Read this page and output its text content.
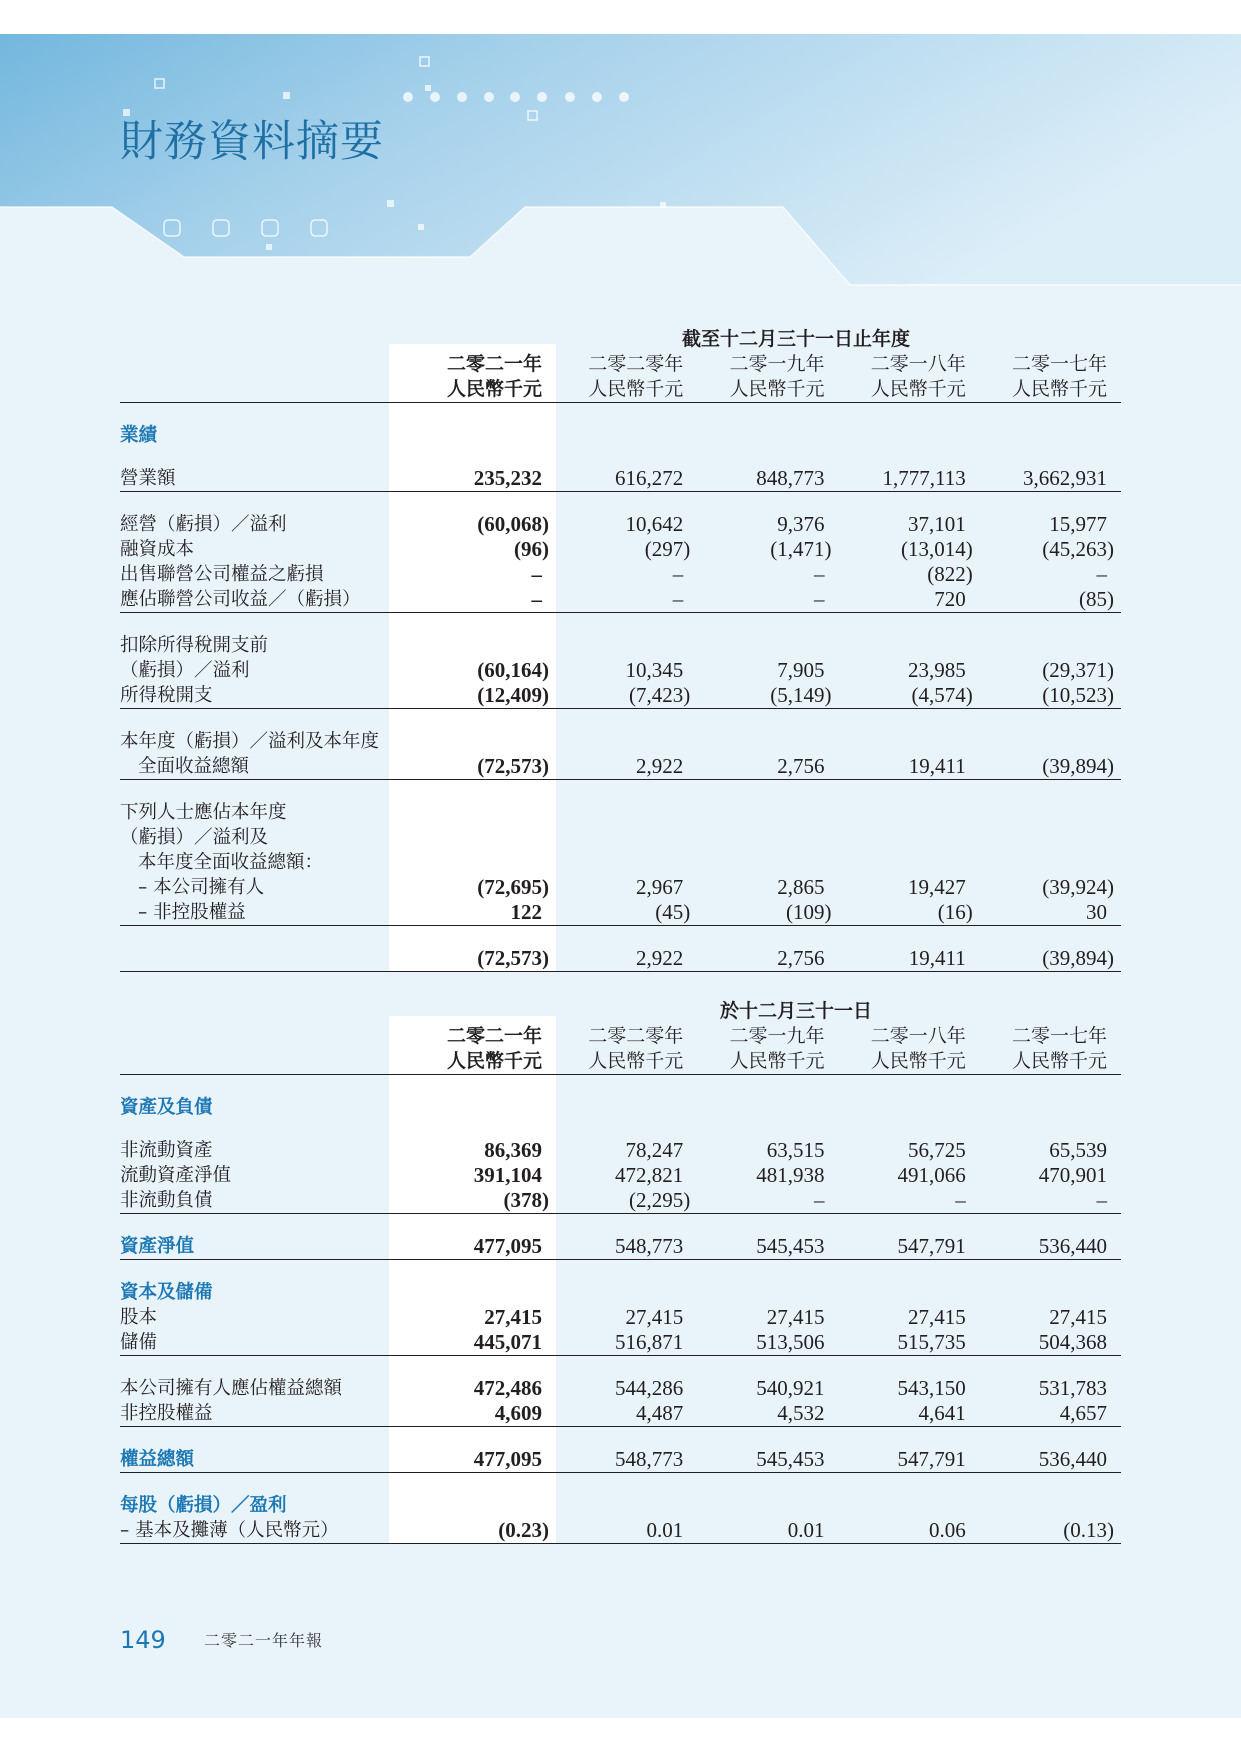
財務資料摘要
截至十二月三十一日止年度
二零二一年	二零二零年	二零一九年	二零一八年	二零一七年
人民幣千元	人民幣千元	人民幣千元	人民幣千元	人民幣千元
業績
營業額	235,232	616,272	848,773	1,777,113	3,662,931
經營（虧損）／溢利	(60,068)	10,642	9,376	37,101	15,977
融資成本	(96)	(297)	(1,471)	(13,014)	(45,263)
出售聯營公司權益之虧損	–	–	–	(822)	–
應佔聯營公司收益／（虧損）	–	–	–	720	(85)
扣除所得稅開支前
（虧損）／溢利	(60,164)	10,345	7,905	23,985	(29,371)
所得稅開支	(12,409)	(7,423)	(5,149)	(4,574)	(10,523)
本年度（虧損）／溢利及本年度
全面收益總額	(72,573)	2,922	2,756	19,411	(39,894)
下列人士應佔本年度
（虧損）／溢利及
本年度全面收益總額：
– 本公司擁有人	(72,695)	2,967	2,865	19,427	(39,924)
– 非控股權益	122	(45)	(109)	(16)	30
(72,573)	2,922	2,756	19,411	(39,894)
於十二月三十一日
二零二一年	二零二零年	二零一九年	二零一八年	二零一七年
人民幣千元	人民幣千元	人民幣千元	人民幣千元	人民幣千元
資產及負債
非流動資產	86,369	78,247	63,515	56,725	65,539
流動資產淨值	391,104	472,821	481,938	491,066	470,901
非流動負債	(378)	(2,295)	–	–	–
資產淨值	477,095	548,773	545,453	547,791	536,440
資本及儲備
股本	27,415	27,415	27,415	27,415	27,415
儲備	445,071	516,871	513,506	515,735	504,368
本公司擁有人應佔權益總額	472,486	544,286	540,921	543,150	531,783
非控股權益	4,609	4,487	4,532	4,641	4,657
權益總額	477,095	548,773	545,453	547,791	536,440
每股（虧損）／盈利
– 基本及攤薄（人民幣元）	(0.23)	0.01	0.01	0.06	(0.13)
149 二零二一年年報
